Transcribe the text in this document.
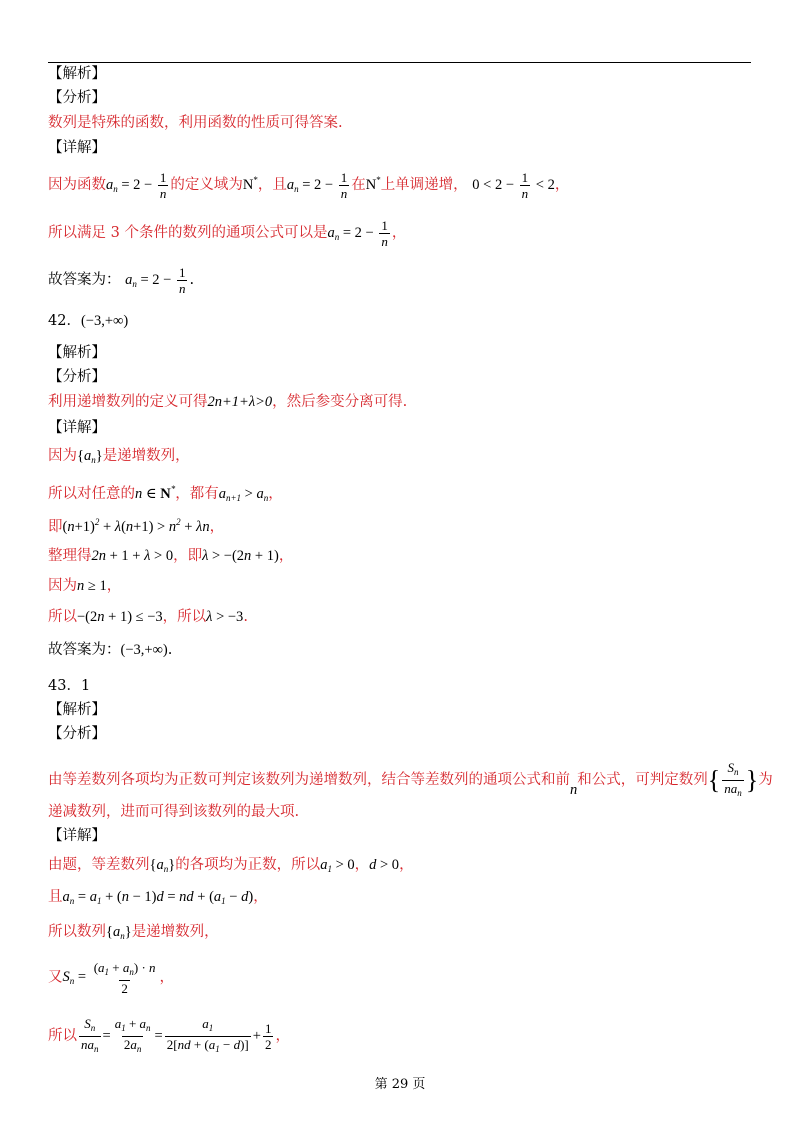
【解析】
【分析】
数列是特殊的函数，利用函数的性质可得答案.
【详解】
因为函数$a_n = 2 - \frac{1}{n}$ 的定义域为N*，且$a_n = 2 - \frac{1}{n}$ 在N*上单调递增， $0 < 2 - \frac{1}{n} < 2$，
所以满足 3 个条件的数列的通项公式可以是$a_n = 2 - \frac{1}{n}$ ，
故答案为： $a_n = 2 - \frac{1}{n}$ .
42．(−3,+∞)
【解析】
【分析】
利用递增数列的定义可得2n+1+λ>0，然后参变分离可得.
【详解】
因为$\{a_n\}$是递增数列，
所以对任意的n ∈ N*，都有$a_{n+1} > a_n$，
即$(n+1)^2 + \lambda(n+1) > n^2 + \lambda n$，
整理得2n + 1 + λ > 0，即λ > −(2n + 1)，
因为n ≥ 1，
所以−(2n + 1) ≤ −3，所以λ > −3.
故答案为：(−3,+∞).
43．1
【解析】
【分析】
由等差数列各项均为正数可判定该数列为递增数列，结合等差数列的通项公式和前n和公式，可判定数列{ $\frac{S_n}{na_n}$ }为
递减数列，进而可得到该数列的最大项.
【详解】
由题，等差数列$\{a_n\}$的各项均为正数，所以$a_1 > 0$，d > 0，
且$a_n = a_1 + (n - 1)d$ = nd + $(a_1 - d)$，
所以数列$\{a_n\}$是递增数列，
又$S_n = \frac{(a_1 + a_n) \cdot n}{2}$ ，
所以 $\frac{S_n}{na_n} = \frac{a_1 + a_n}{2a_n} = \frac{a_1}{2[nd + (a_1 - d)]} + \frac{1}{2}$ ，
第 29 页
